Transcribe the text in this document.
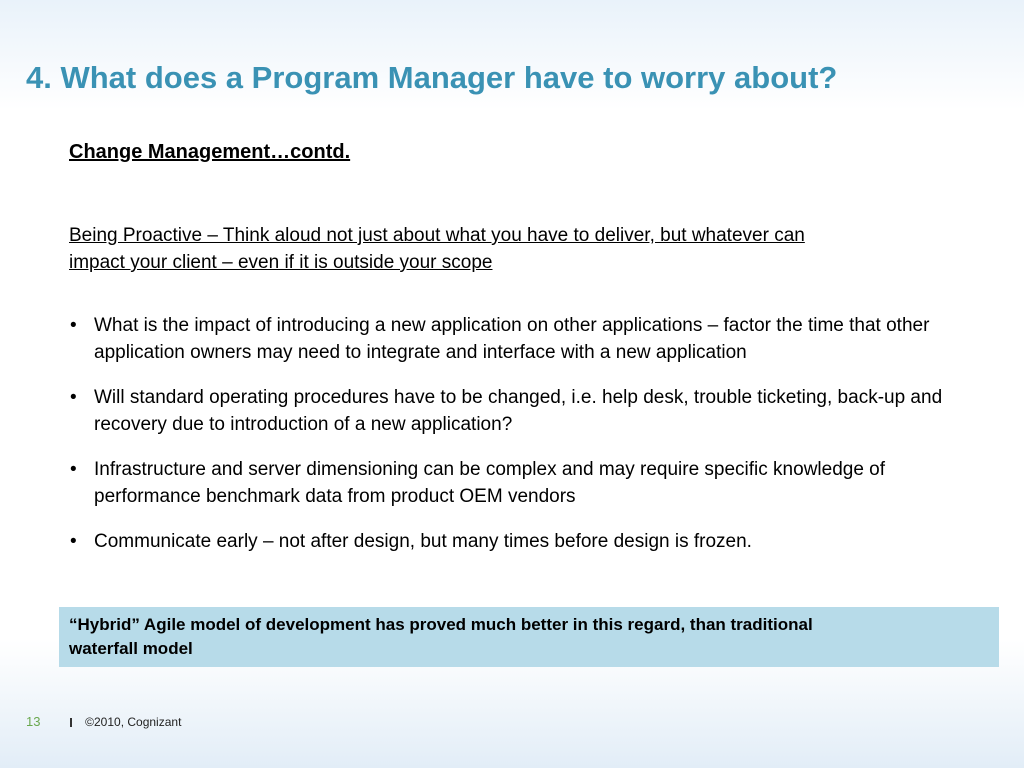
4. What does a Program Manager have to worry about?
Change Management…contd.
Being Proactive – Think aloud not just about what you have to deliver, but whatever can
impact your client – even if it is outside your scope
• What is the impact of introducing a new application on other applications – factor the time that other application owners may need to integrate and interface with a new application
• Will standard operating procedures have to be changed, i.e. help desk, trouble ticketing, back-up and recovery due to introduction of a new application?
• Infrastructure and server dimensioning can be complex and may require specific knowledge of performance benchmark data from product OEM vendors
• Communicate early – not after design, but many times before design is frozen.
“Hybrid” Agile model of development has proved much better in this regard, than traditional
waterfall model
13	©2010, Cognizant
